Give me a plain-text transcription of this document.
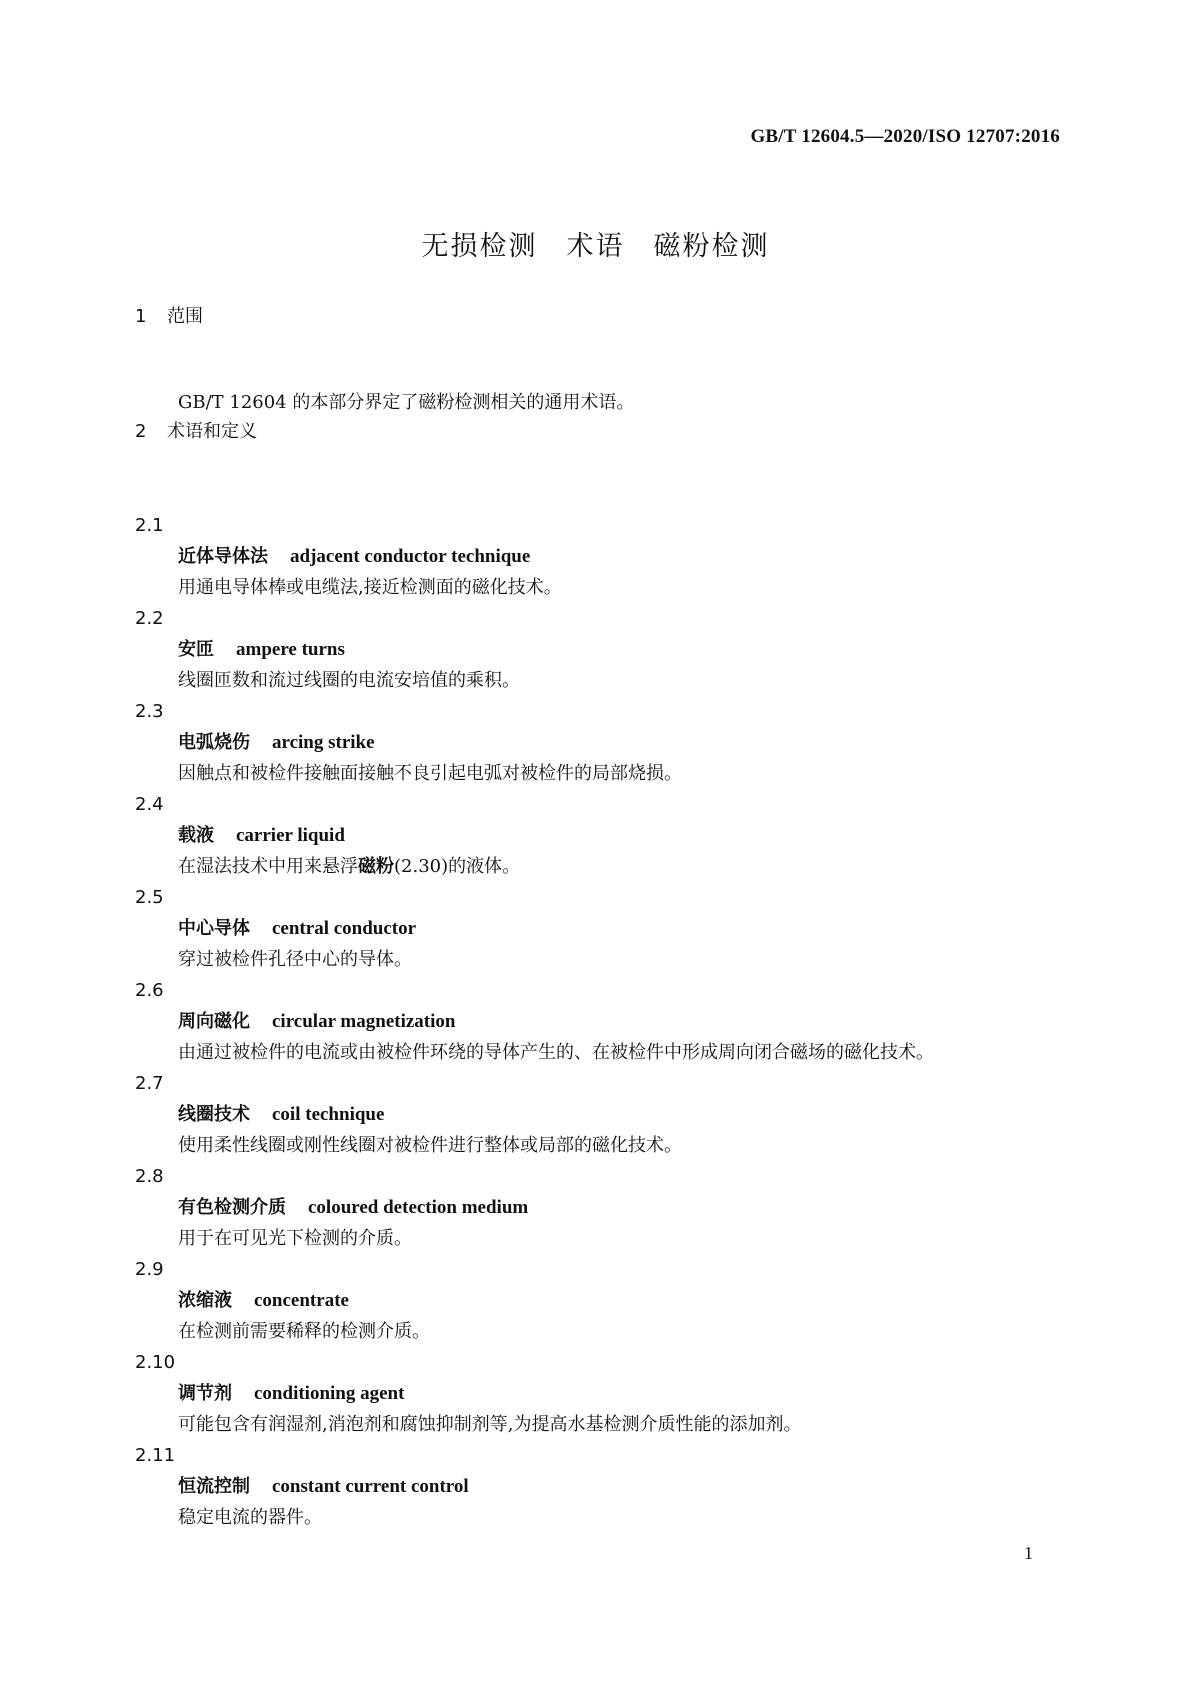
GB/T 12604.5—2020/ISO 12707:2016
无损检测　术语　磁粉检测
1 范围
GB/T 12604 的本部分界定了磁粉检测相关的通用术语。
2 术语和定义
2.1
近体导体法 adjacent conductor technique
用通电导体棒或电缆法,接近检测面的磁化技术。
2.2
安匝 ampere turns
线圈匝数和流过线圈的电流安培值的乘积。
2.3
电弧烧伤 arcing strike
因触点和被检件接触面接触不良引起电弧对被检件的局部烧损。
2.4
载液 carrier liquid
在湿法技术中用来悬浮磁粉(2.30)的液体。
2.5
中心导体 central conductor
穿过被检件孔径中心的导体。
2.6
周向磁化 circular magnetization
由通过被检件的电流或由被检件环绕的导体产生的、在被检件中形成周向闭合磁场的磁化技术。
2.7
线圈技术 coil technique
使用柔性线圈或刚性线圈对被检件进行整体或局部的磁化技术。
2.8
有色检测介质 coloured detection medium
用于在可见光下检测的介质。
2.9
浓缩液 concentrate
在检测前需要稀释的检测介质。
2.10
调节剂 conditioning agent
可能包含有润湿剂,消泡剂和腐蚀抑制剂等,为提高水基检测介质性能的添加剂。
2.11
恒流控制 constant current control
稳定电流的器件。
1
